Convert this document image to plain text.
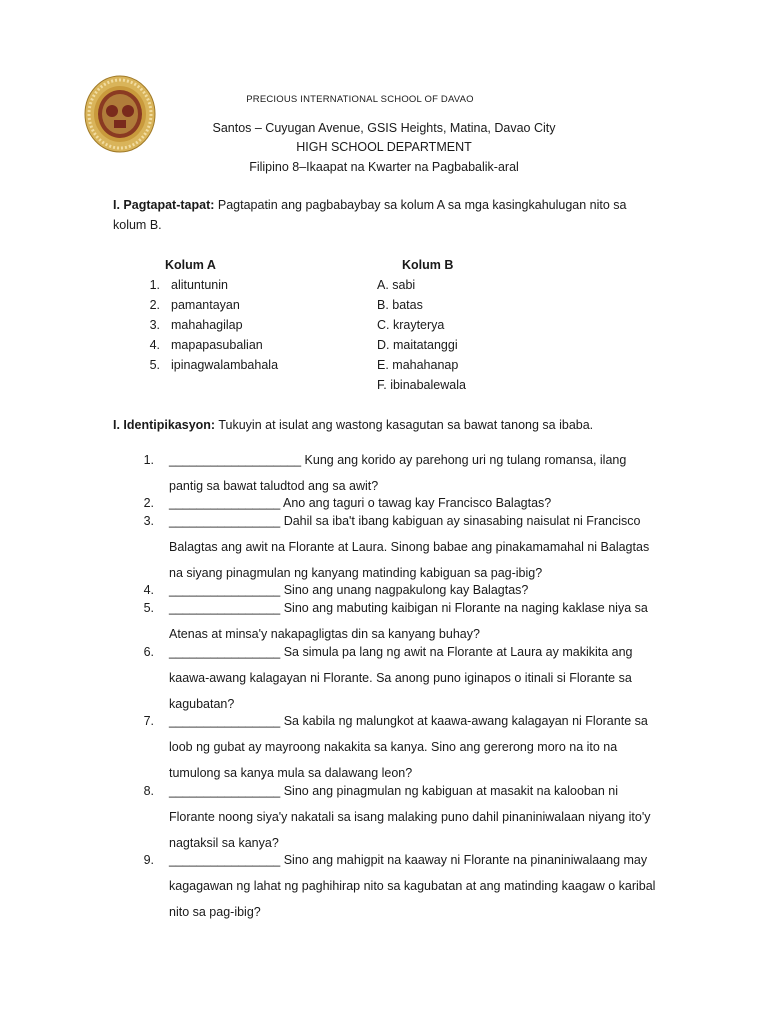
PRECIOUS INTERNATIONAL SCHOOL OF DAVAO
Santos – Cuyugan Avenue, GSIS Heights, Matina, Davao City
HIGH SCHOOL DEPARTMENT
Filipino 8–Ikaapat na Kwarter na Pagbabalik-aral
I. Pagtapat-tapat: Pagtapatin ang pagbabaybay sa kolum A sa mga kasingkahulugan nito sa
kolum B.
Kolum A	Kolum B
1. alituntunin
2. pamantayan
3. mahahagilap
4. mapapasubalian
5. ipinagwalambahala
A. sabi
B. batas
C. krayterya
D. maitatanggi
E. mahahanap
F. ibinabalewala
I. Identipikasyon: Tukuyin at isulat ang wastong kasagutan sa bawat tanong sa ibaba.
1. ___________________ Kung ang korido ay parehong uri ng tulang romansa, ilang
pantig sa bawat taludtod ang sa awit?
2. ________________ Ano ang taguri o tawag kay Francisco Balagtas?
3. ________________ Dahil sa iba't ibang kabiguan ay sinasabing naisulat ni Francisco
Balagtas ang awit na Florante at Laura. Sinong babae ang pinakamamahal ni Balagtas
na siyang pinagmulan ng kanyang matinding kabiguan sa pag-ibig?
4. ________________ Sino ang unang nagpakulong kay Balagtas?
5. ________________ Sino ang mabuting kaibigan ni Florante na naging kaklase niya sa
Atenas at minsa'y nakapagligtas din sa kanyang buhay?
6. ________________ Sa simula pa lang ng awit na Florante at Laura ay makikita ang
kaawa-awang kalagayan ni Florante. Sa anong puno iginapos o itinali si Florante sa
kagubatan?
7. ________________ Sa kabila ng malungkot at kaawa-awang kalagayan ni Florante sa
loob ng gubat ay mayroong nakakita sa kanya. Sino ang gererong moro na ito na
tumulong sa kanya mula sa dalawang leon?
8. ________________ Sino ang pinagmulan ng kabiguan at masakit na kalooban ni
Florante noong siya'y nakatali sa isang malaking puno dahil pinaniniwalaan niyang ito'y
nagtaksil sa kanya?
9. ________________ Sino ang mahigpit na kaaway ni Florante na pinaniniwalaang may
kagagawan ng lahat ng paghihirap nito sa kagubatan at ang matinding kaagaw o karibal
nito sa pag-ibig?
